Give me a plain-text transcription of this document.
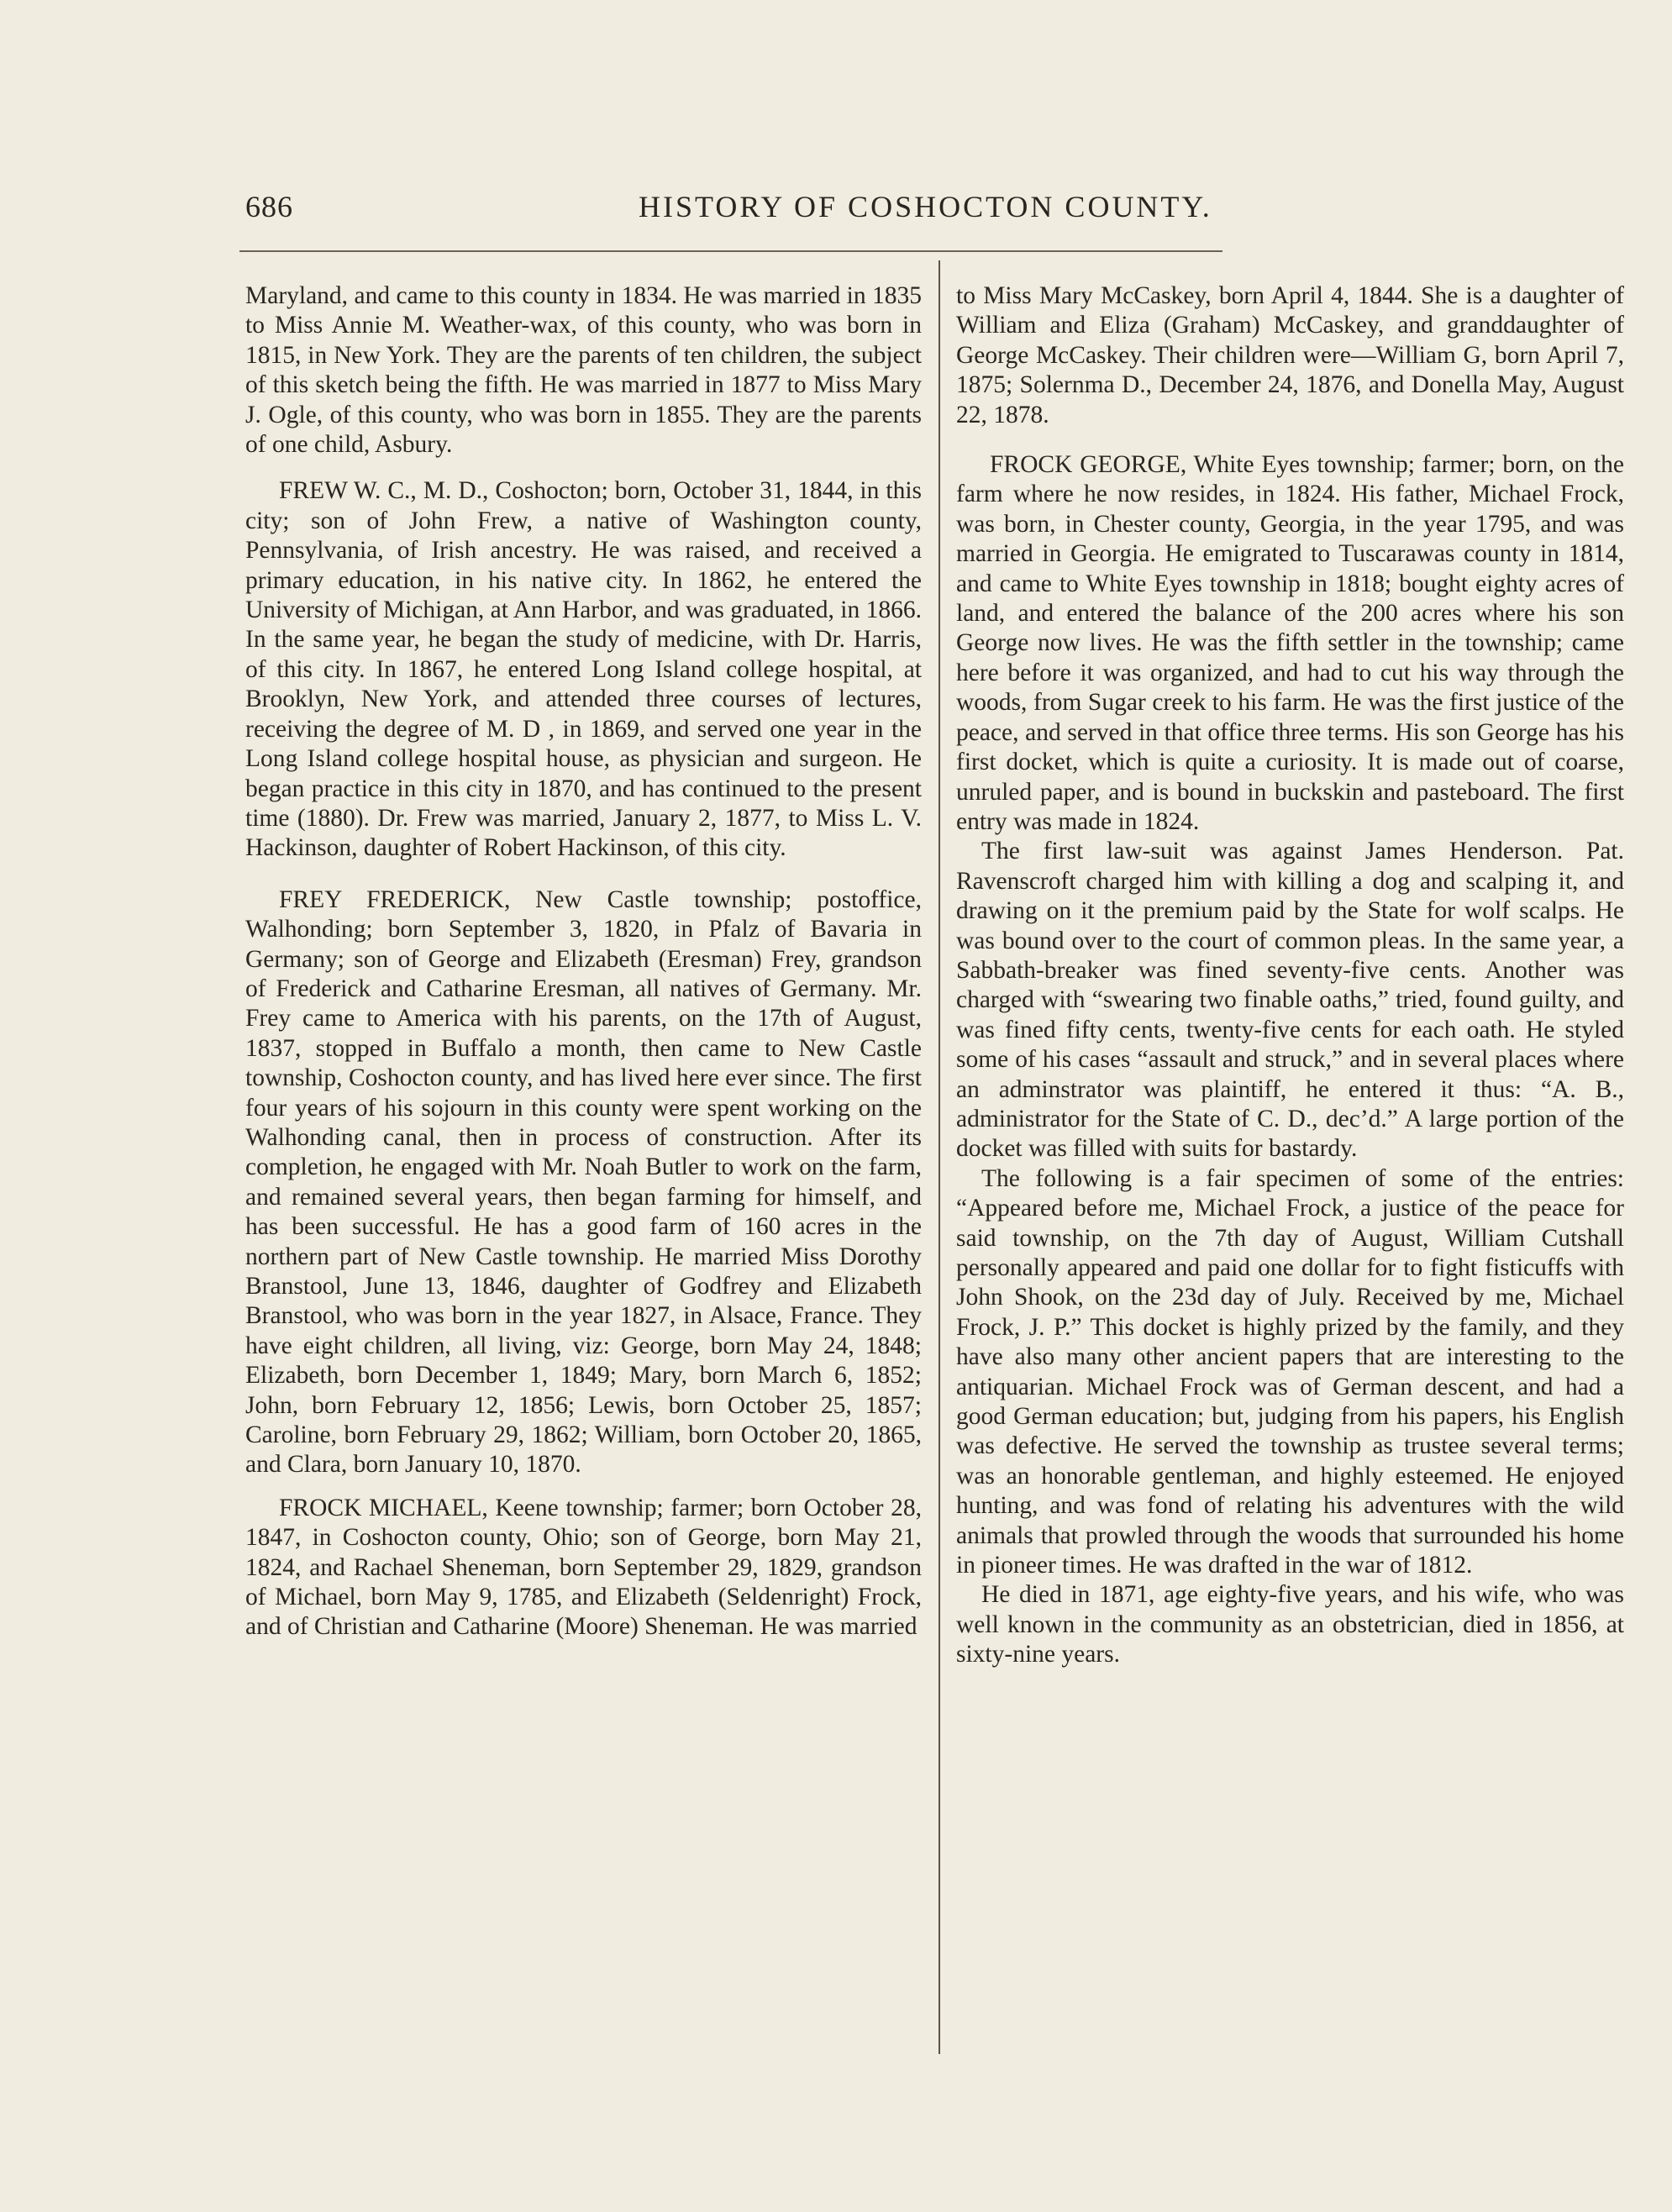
686	HISTORY OF COSHOCTON COUNTY.

Maryland, and came to this county in 1834. He was married in 1835 to Miss Annie M. Weather-wax, of this county, who was born in 1815, in New York. They are the parents of ten children, the subject of this sketch being the fifth. He was married in 1877 to Miss Mary J. Ogle, of this county, who was born in 1855. They are the parents of one child, Asbury.

FREW W. C., M. D., Coshocton; born, October 31, 1844, in this city; son of John Frew, a native of Washington county, Pennsylvania, of Irish ancestry. He was raised, and received a primary education, in his native city. In 1862, he entered the University of Michigan, at Ann Harbor, and was graduated, in 1866. In the same year, he began the study of medicine, with Dr. Harris, of this city. In 1867, he entered Long Island college hospital, at Brooklyn, New York, and attended three courses of lectures, receiving the degree of M. D , in 1869, and served one year in the Long Island college hospital house, as physician and surgeon. He began practice in this city in 1870, and has continued to the present time (1880). Dr. Frew was married, January 2, 1877, to Miss L. V. Hackinson, daughter of Robert Hackinson, of this city.

FREY FREDERICK, New Castle township; postoffice, Walhonding; born September 3, 1820, in Pfalz of Bavaria in Germany; son of George and Elizabeth (Eresman) Frey, grandson of Frederick and Catharine Eresman, all natives of Germany. Mr. Frey came to America with his parents, on the 17th of August, 1837, stopped in Buffalo a month, then came to New Castle township, Coshocton county, and has lived here ever since. The first four years of his sojourn in this county were spent working on the Walhonding canal, then in process of construction. After its completion, he engaged with Mr. Noah Butler to work on the farm, and remained several years, then began farming for himself, and has been successful. He has a good farm of 160 acres in the northern part of New Castle township. He married Miss Dorothy Branstool, June 13, 1846, daughter of Godfrey and Elizabeth Branstool, who was born in the year 1827, in Alsace, France. They have eight children, all living, viz: George, born May 24, 1848; Elizabeth, born December 1, 1849; Mary, born March 6, 1852; John, born February 12, 1856; Lewis, born October 25, 1857; Caroline, born February 29, 1862; William, born October 20, 1865, and Clara, born January 10, 1870.

FROCK MICHAEL, Keene township; farmer; born October 28, 1847, in Coshocton county, Ohio; son of George, born May 21, 1824, and Rachael Sheneman, born September 29, 1829, grandson of Michael, born May 9, 1785, and Elizabeth (Seldenright) Frock, and of Christian and Catharine (Moore) Sheneman. He was married

to Miss Mary McCaskey, born April 4, 1844. She is a daughter of William and Eliza (Graham) McCaskey, and granddaughter of George McCaskey. Their children were—William G, born April 7, 1875; Solernma D., December 24, 1876, and Donella May, August 22, 1878.

FROCK GEORGE, White Eyes township; farmer; born, on the farm where he now resides, in 1824. His father, Michael Frock, was born, in Chester county, Georgia, in the year 1795, and was married in Georgia. He emigrated to Tuscarawas county in 1814, and came to White Eyes township in 1818; bought eighty acres of land, and entered the balance of the 200 acres where his son George now lives. He was the fifth settler in the township; came here before it was organized, and had to cut his way through the woods, from Sugar creek to his farm. He was the first justice of the peace, and served in that office three terms. His son George has his first docket, which is quite a curiosity. It is made out of coarse, unruled paper, and is bound in buckskin and pasteboard. The first entry was made in 1824.

The first law-suit was against James Henderson. Pat. Ravenscroft charged him with killing a dog and scalping it, and drawing on it the premium paid by the State for wolf scalps. He was bound over to the court of common pleas. In the same year, a Sabbath-breaker was fined seventy-five cents. Another was charged with “swearing two finable oaths,” tried, found guilty, and was fined fifty cents, twenty-five cents for each oath. He styled some of his cases “assault and struck,” and in several places where an adminstrator was plaintiff, he entered it thus: “A. B., administrator for the State of C. D., dec’d.” A large portion of the docket was filled with suits for bastardy.

The following is a fair specimen of some of the entries: “Appeared before me, Michael Frock, a justice of the peace for said township, on the 7th day of August, William Cutshall personally appeared and paid one dollar for to fight fisticuffs with John Shook, on the 23d day of July. Received by me, Michael Frock, J. P.” This docket is highly prized by the family, and they have also many other ancient papers that are interesting to the antiquarian. Michael Frock was of German descent, and had a good German education; but, judging from his papers, his English was defective. He served the township as trustee several terms; was an honorable gentleman, and highly esteemed. He enjoyed hunting, and was fond of relating his adventures with the wild animals that prowled through the woods that surrounded his home in pioneer times. He was drafted in the war of 1812.

He died in 1871, age eighty-five years, and his wife, who was well known in the community as an obstetrician, died in 1856, at sixty-nine years.
